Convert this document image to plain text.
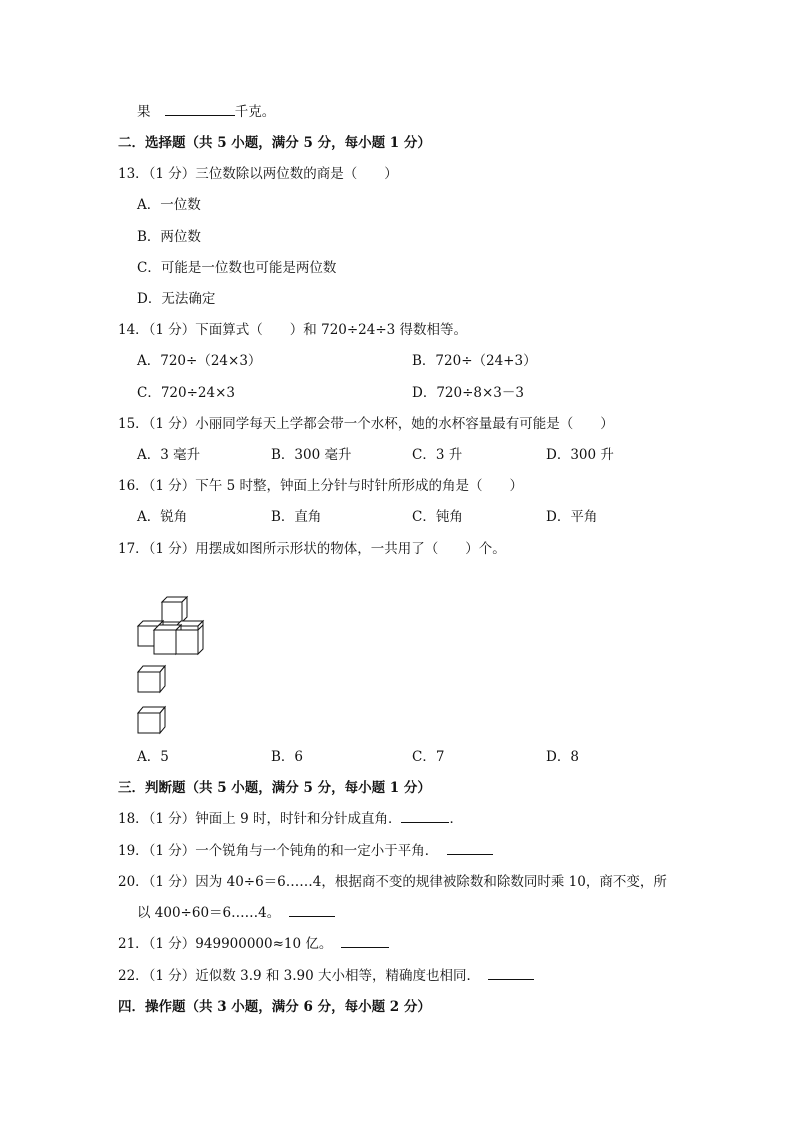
果	千克。
二．选择题（共 5 小题，满分 5 分，每小题 1 分）
13．（1 分）三位数除以两位数的商是（　　）
A．一位数
B．两位数
C．可能是一位数也可能是两位数
D．无法确定
14．（1 分）下面算式（　　）和 720÷24÷3 得数相等。
A．720÷（24×3）	B．720÷（24+3）
C．720÷24×3	D．720÷8×3－3
15．（1 分）小丽同学每天上学都会带一个水杯，她的水杯容量最有可能是（　　）
A．3 毫升	B．300 毫升	C．3 升	D．300 升
16．（1 分）下午 5 时整，钟面上分针与时针所形成的角是（　　）
A．锐角	B．直角	C．钝角	D．平角
17．（1 分）用摆成如图所示形状的物体，一共用了（　　）个。
A．5	B．6	C．7	D．8
三．判断题（共 5 小题，满分 5 分，每小题 1 分）
18．（1 分）钟面上 9 时，时针和分针成直角．	．
19．（1 分）一个锐角与一个钝角的和一定小于平角．
20．（1 分）因为 40÷6＝6……4，根据商不变的规律被除数和除数同时乘 10，商不变，所
以 400÷60＝6……4。
21．（1 分）949900000≈10 亿。
22．（1 分）近似数 3.9 和 3.90 大小相等，精确度也相同．
四．操作题（共 3 小题，满分 6 分，每小题 2 分）
